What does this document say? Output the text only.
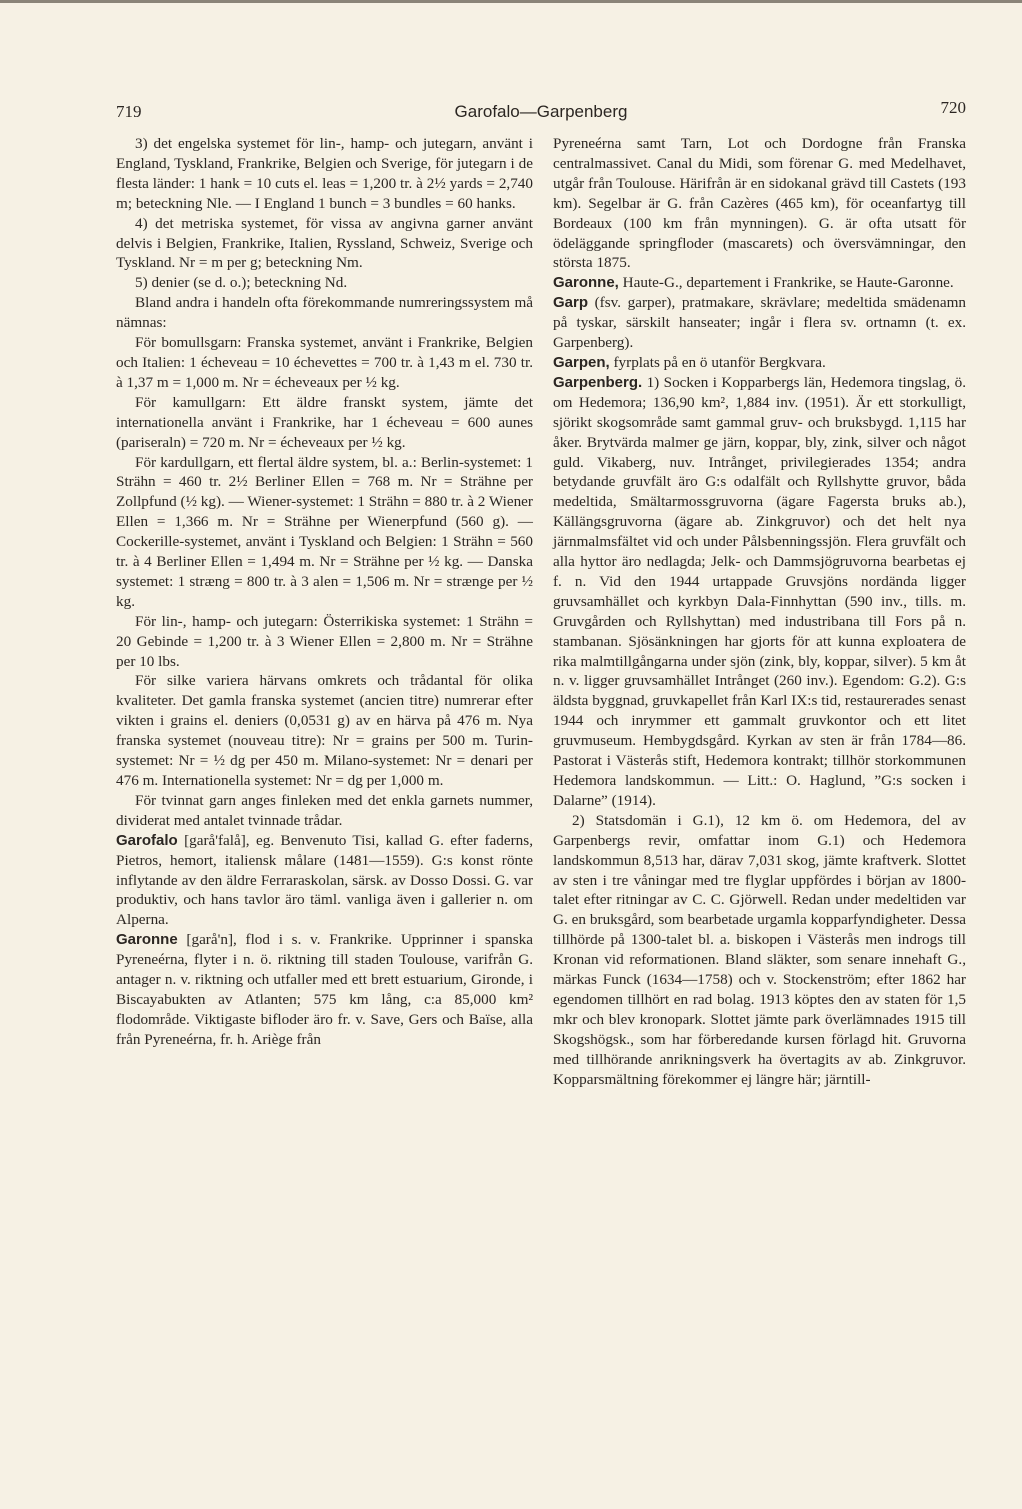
719	Garofalo—Garpenberg	720

3) det engelska systemet för lin-, hamp- och jutegarn, använt i England, Tyskland, Frankrike, Belgien och Sverige, för jutegarn i de flesta länder: 1 hank = 10 cuts el. leas = 1,200 tr. à 2½ yards = 2,740 m; beteckning Nle. — I England 1 bunch = 3 bundles = 60 hanks.

4) det metriska systemet, för vissa av angivna garner använt delvis i Belgien, Frankrike, Italien, Ryssland, Schweiz, Sverige och Tyskland. Nr = m per g; beteckning Nm.

5) denier (se d. o.); beteckning Nd.

Bland andra i handeln ofta förekommande numreringssystem må nämnas:

För bomullsgarn: Franska systemet, använt i Frankrike, Belgien och Italien: 1 écheveau = 10 échevettes = 700 tr. à 1,43 m el. 730 tr. à 1,37 m = 1,000 m. Nr = écheveaux per ½ kg.

För kamullgarn: Ett äldre franskt system, jämte det internationella använt i Frankrike, har 1 écheveau = 600 aunes (pariseraln) = 720 m. Nr = écheveaux per ½ kg.

För kardullgarn, ett flertal äldre system, bl. a.: Berlin-systemet: 1 Strähn = 460 tr. 2½ Berliner Ellen = 768 m. Nr = Strähne per Zollpfund (½ kg). — Wiener-systemet: 1 Strähn = 880 tr. à 2 Wiener Ellen = 1,366 m. Nr = Strähne per Wienerpfund (560 g). — Cockerille-systemet, använt i Tyskland och Belgien: 1 Strähn = 560 tr. à 4 Berliner Ellen = 1,494 m. Nr = Strähne per ½ kg. — Danska systemet: 1 stræng = 800 tr. à 3 alen = 1,506 m. Nr = strænge per ½ kg.

För lin-, hamp- och jutegarn: Österrikiska systemet: 1 Strähn = 20 Gebinde = 1,200 tr. à 3 Wiener Ellen = 2,800 m. Nr = Strähne per 10 lbs.

För silke variera härvans omkrets och trådantal för olika kvaliteter. Det gamla franska systemet (ancien titre) numrerar efter vikten i grains el. deniers (0,0531 g) av en härva på 476 m. Nya franska systemet (nouveau titre): Nr = grains per 500 m. Turin-systemet: Nr = ½ dg per 450 m. Milano-systemet: Nr = denari per 476 m. Internationella systemet: Nr = dg per 1,000 m.

För tvinnat garn anges finleken med det enkla garnets nummer, dividerat med antalet tvinnade trådar.

Garofalo [garå'falå], eg. Benvenuto Tisi, kallad G. efter faderns, Pietros, hemort, italiensk målare (1481—1559). G:s konst rönte inflytande av den äldre Ferraraskolan, särsk. av Dosso Dossi. G. var produktiv, och hans tavlor äro täml. vanliga även i gallerier n. om Alperna.

Garonne [garå'n], flod i s. v. Frankrike. Upprinner i spanska Pyreneérna, flyter i n. ö. riktning till staden Toulouse, varifrån G. antager n. v. riktning och utfaller med ett brett estuarium, Gironde, i Biscayabukten av Atlanten; 575 km lång, c:a 85,000 km² flodområde. Viktigaste bifloder äro fr. v. Save, Gers och Baïse, alla från Pyreneérna, fr. h. Ariège från

Pyreneérna samt Tarn, Lot och Dordogne från Franska centralmassivet. Canal du Midi, som förenar G. med Medelhavet, utgår från Toulouse. Härifrån är en sidokanal grävd till Castets (193 km). Segelbar är G. från Cazères (465 km), för oceanfartyg till Bordeaux (100 km från mynningen). G. är ofta utsatt för ödeläggande springfloder (mascarets) och översvämningar, den största 1875.

Garonne, Haute-G., departement i Frankrike, se Haute-Garonne.

Garp (fsv. garper), pratmakare, skrävlare; medeltida smädenamn på tyskar, särskilt hanseater; ingår i flera sv. ortnamn (t. ex. Garpenberg).

Garpen, fyrplats på en ö utanför Bergkvara.

Garpenberg. 1) Socken i Kopparbergs län, Hedemora tingslag, ö. om Hedemora; 136,90 km², 1,884 inv. (1951). Är ett storkulligt, sjörikt skogsområde samt gammal gruv- och bruksbygd. 1,115 har åker. Brytvärda malmer ge järn, koppar, bly, zink, silver och något guld. Vikaberg, nuv. Intrånget, privilegierades 1354; andra betydande gruvfält äro G:s odalfält och Ryllshytte gruvor, båda medeltida, Smältarmossgruvorna (ägare Fagersta bruks ab.), Källängsgruvorna (ägare ab. Zinkgruvor) och det helt nya järnmalmsfältet vid och under Pålsbenningssjön. Flera gruvfält och alla hyttor äro nedlagda; Jelk- och Dammsjögruvorna bearbetas ej f. n. Vid den 1944 urtappade Gruvsjöns nordända ligger gruvsamhället och kyrkbyn Dala-Finnhyttan (590 inv., tills. m. Gruvgården och Ryllshyttan) med industribana till Fors på n. stambanan. Sjösänkningen har gjorts för att kunna exploatera de rika malmtillgångarna under sjön (zink, bly, koppar, silver). 5 km åt n. v. ligger gruvsamhället Intrånget (260 inv.). Egendom: G.2). G:s äldsta byggnad, gruvkapellet från Karl IX:s tid, restaurerades senast 1944 och inrymmer ett gammalt gruvkontor och ett litet gruvmuseum. Hembygdsgård. Kyrkan av sten är från 1784—86. Pastorat i Västerås stift, Hedemora kontrakt; tillhör storkommunen Hedemora landskommun. — Litt.: O. Haglund, ”G:s socken i Dalarne” (1914).

2) Statsdomän i G.1), 12 km ö. om Hedemora, del av Garpenbergs revir, omfattar inom G.1) och Hedemora landskommun 8,513 har, därav 7,031 skog, jämte kraftverk. Slottet av sten i tre våningar med tre flyglar uppfördes i början av 1800-talet efter ritningar av C. C. Gjörwell. Redan under medeltiden var G. en bruksgård, som bearbetade urgamla kopparfyndigheter. Dessa tillhörde på 1300-talet bl. a. biskopen i Västerås men indrogs till Kronan vid reformationen. Bland släkter, som senare innehaft G., märkas Funck (1634—1758) och v. Stockenström; efter 1862 har egendomen tillhört en rad bolag. 1913 köptes den av staten för 1,5 mkr och blev kronopark. Slottet jämte park överlämnades 1915 till Skogshögsk., som har förberedande kursen förlagd hit. Gruvorna med tillhörande anrikningsverk ha övertagits av ab. Zinkgruvor. Kopparsmältning förekommer ej längre här; järntill-
